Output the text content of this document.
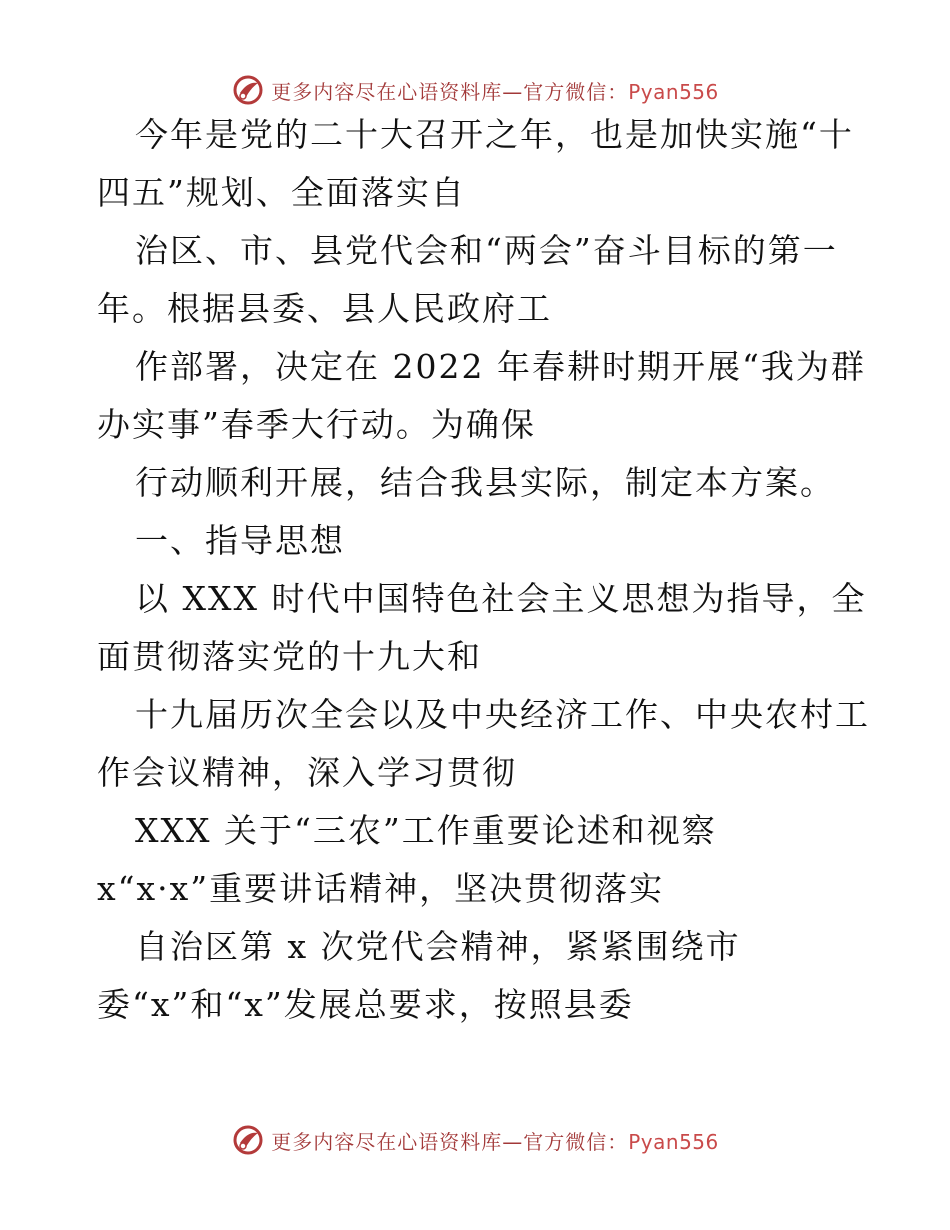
更多内容尽在心语资料库—官方微信：Pyan556
今年是党的二十大召开之年，也是加快实施“十
四五”规划、全面落实自
治区、市、县党代会和“两会”奋斗目标的第一
年。根据县委、县人民政府工
作部署，决定在 2022 年春耕时期开展“我为群
办实事”春季大行动。为确保
行动顺利开展，结合我县实际，制定本方案。
一、指导思想
以 XXX 时代中国特色社会主义思想为指导，全
面贯彻落实党的十九大和
十九届历次全会以及中央经济工作、中央农村工
作会议精神，深入学习贯彻
XXX 关于“三农”工作重要论述和视察
x“x·x”重要讲话精神，坚决贯彻落实
自治区第 x 次党代会精神，紧紧围绕市
委“x”和“x”发展总要求，按照县委
更多内容尽在心语资料库—官方微信：Pyan556
